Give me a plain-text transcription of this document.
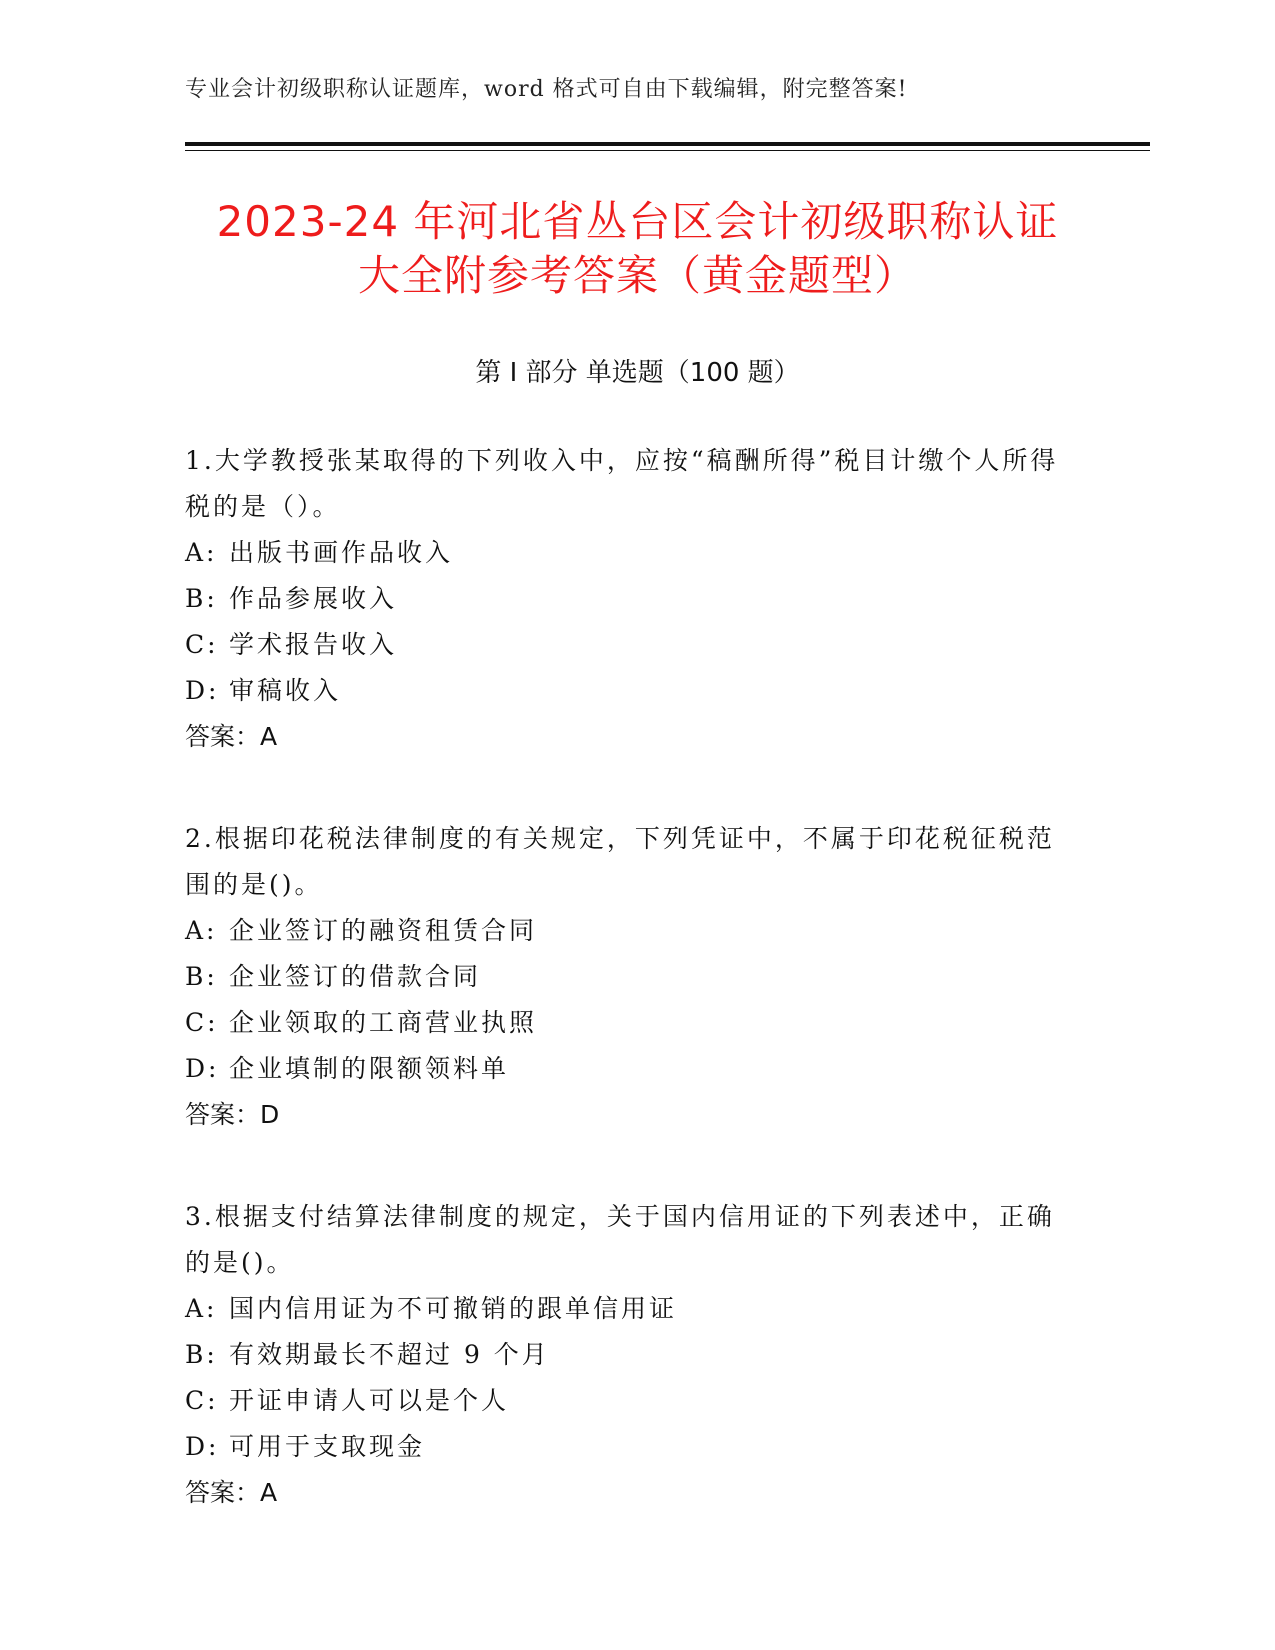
专业会计初级职称认证题库，word 格式可自由下载编辑，附完整答案!
2023-24 年河北省丛台区会计初级职称认证
大全附参考答案（黄金题型）
第 I 部分 单选题（100 题）

1.大学教授张某取得的下列收入中，应按“稿酬所得”税目计缴个人所得税的是（）。

A: 出版书画作品收入

B: 作品参展收入

C: 学术报告收入

D: 审稿收入

答案：A

2.根据印花税法律制度的有关规定，下列凭证中，不属于印花税征税范围的是()。

A: 企业签订的融资租赁合同

B: 企业签订的借款合同

C: 企业领取的工商营业执照

D: 企业填制的限额领料单

答案：D

3.根据支付结算法律制度的规定，关于国内信用证的下列表述中，正确的是()。

A: 国内信用证为不可撤销的跟单信用证

B: 有效期最长不超过 9 个月

C: 开证申请人可以是个人

D: 可用于支取现金

答案：A
